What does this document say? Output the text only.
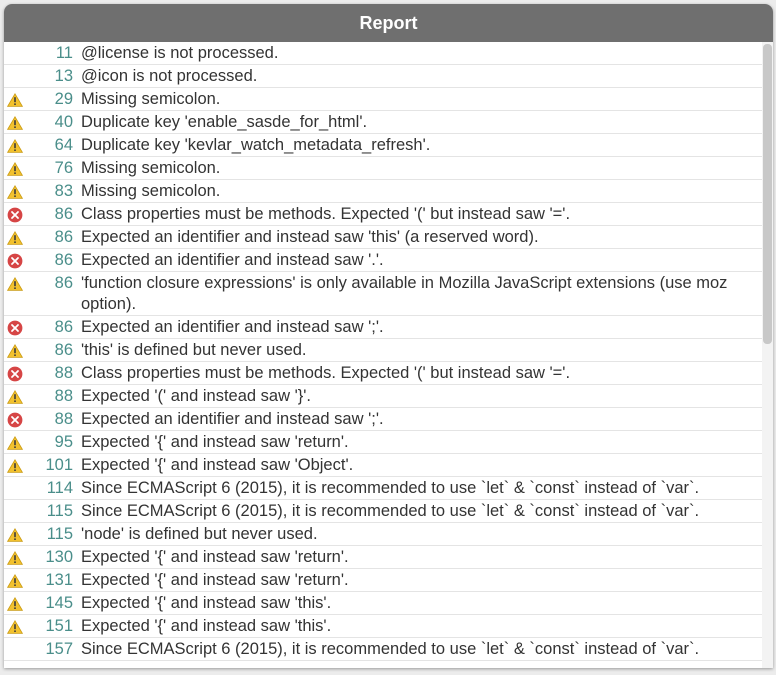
Report
11 @license is not processed.
13 @icon is not processed.
29 Missing semicolon.
40 Duplicate key 'enable_sasde_for_html'.
64 Duplicate key 'kevlar_watch_metadata_refresh'.
76 Missing semicolon.
83 Missing semicolon.
86 Class properties must be methods. Expected '(' but instead saw '='.
86 Expected an identifier and instead saw 'this' (a reserved word).
86 Expected an identifier and instead saw '.'.
86 'function closure expressions' is only available in Mozilla JavaScript extensions (use moz option).
86 Expected an identifier and instead saw ';'.
86 'this' is defined but never used.
88 Class properties must be methods. Expected '(' but instead saw '='.
88 Expected '(' and instead saw '}'.
88 Expected an identifier and instead saw ';'.
95 Expected '{' and instead saw 'return'.
101 Expected '{' and instead saw 'Object'.
114 Since ECMAScript 6 (2015), it is recommended to use `let` & `const` instead of `var`.
115 Since ECMAScript 6 (2015), it is recommended to use `let` & `const` instead of `var`.
115 'node' is defined but never used.
130 Expected '{' and instead saw 'return'.
131 Expected '{' and instead saw 'return'.
145 Expected '{' and instead saw 'this'.
151 Expected '{' and instead saw 'this'.
157 Since ECMAScript 6 (2015), it is recommended to use `let` & `const` instead of `var`.
